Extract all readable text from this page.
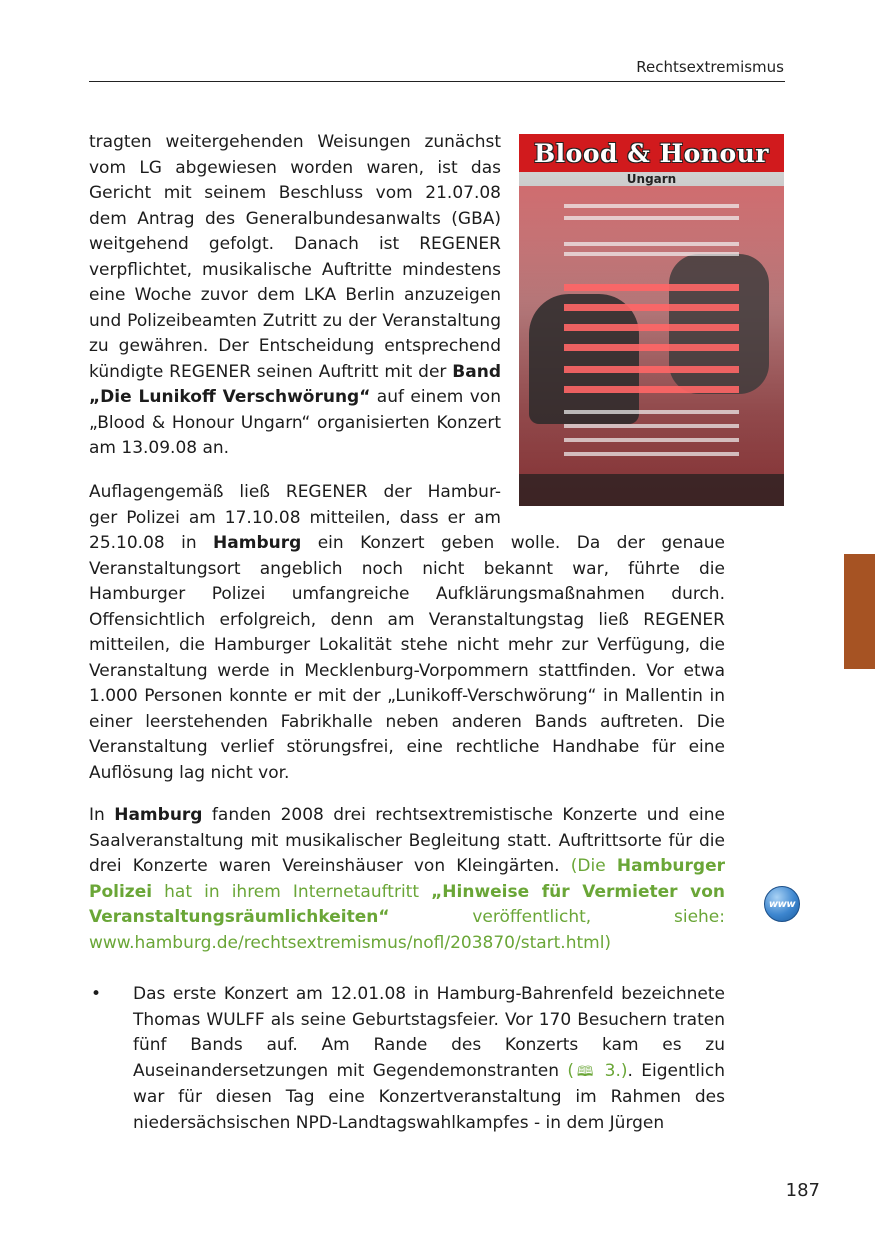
Rechtsextremismus
Blood & Honour
Ungarn

tragten weitergehenden Weisungen zunächst vom LG abgewiesen worden waren, ist das Gericht mit seinem Beschluss vom 21.07.08 dem Antrag des Generalbundesanwalts (GBA) weitgehend gefolgt. Danach ist REGENER verpflichtet, musikalische Auftritte mindestens eine Woche zuvor dem LKA Berlin anzuzeigen und Polizeibeamten Zutritt zu der Veranstaltung zu gewähren. Der Entscheidung entsprechend kündigte REGENER seinen Auftritt mit der Band „Die Lunikoff Verschwörung“ auf einem von „Blood & Honour Ungarn“ organisierten Konzert am 13.09.08 an.

Auflagengemäß ließ REGENER der Hambur-
ger Polizei am 17.10.08 mitteilen, dass er am
25.10.08 in Hamburg ein Konzert geben wolle. Da der genaue Veranstaltungsort angeblich noch nicht bekannt war, führte die Hamburger Polizei umfangreiche Aufklärungsmaßnahmen durch. Offensichtlich erfolgreich, denn am Veranstaltungstag ließ REGENER mitteilen, die Hamburger Lokalität stehe nicht mehr zur Verfügung, die Veranstaltung werde in Mecklenburg-Vorpommern stattfinden. Vor etwa 1.000 Personen konnte er mit der „Lunikoff-Verschwörung“ in Mallentin in einer leerstehenden Fabrikhalle neben anderen Bands auftreten. Die Veranstaltung verlief störungsfrei, eine rechtliche Handhabe für eine Auflösung lag nicht vor.

In Hamburg fanden 2008 drei rechtsextremistische Konzerte und eine Saalveranstaltung mit musikalischer Begleitung statt. Auftrittsorte für die drei Konzerte waren Vereinshäuser von Kleingärten. (Die Hamburger Polizei hat in ihrem Internetauftritt „Hinweise für Vermieter von Veranstaltungsräumlichkeiten“ veröffentlicht, siehe: www.hamburg.de/rechtsextremismus/nofl/203870/start.html)

www
• Das erste Konzert am 12.01.08 in Hamburg-Bahrenfeld bezeichnete Thomas WULFF als seine Geburtstagsfeier. Vor 170 Besuchern traten fünf Bands auf. Am Rande des Konzerts kam es zu Auseinandersetzungen mit Gegendemonstranten (🕮 3.). Eigentlich war für diesen Tag eine Konzertveranstaltung im Rahmen des niedersächsischen NPD-Landtagswahlkampfes - in dem Jürgen

187
